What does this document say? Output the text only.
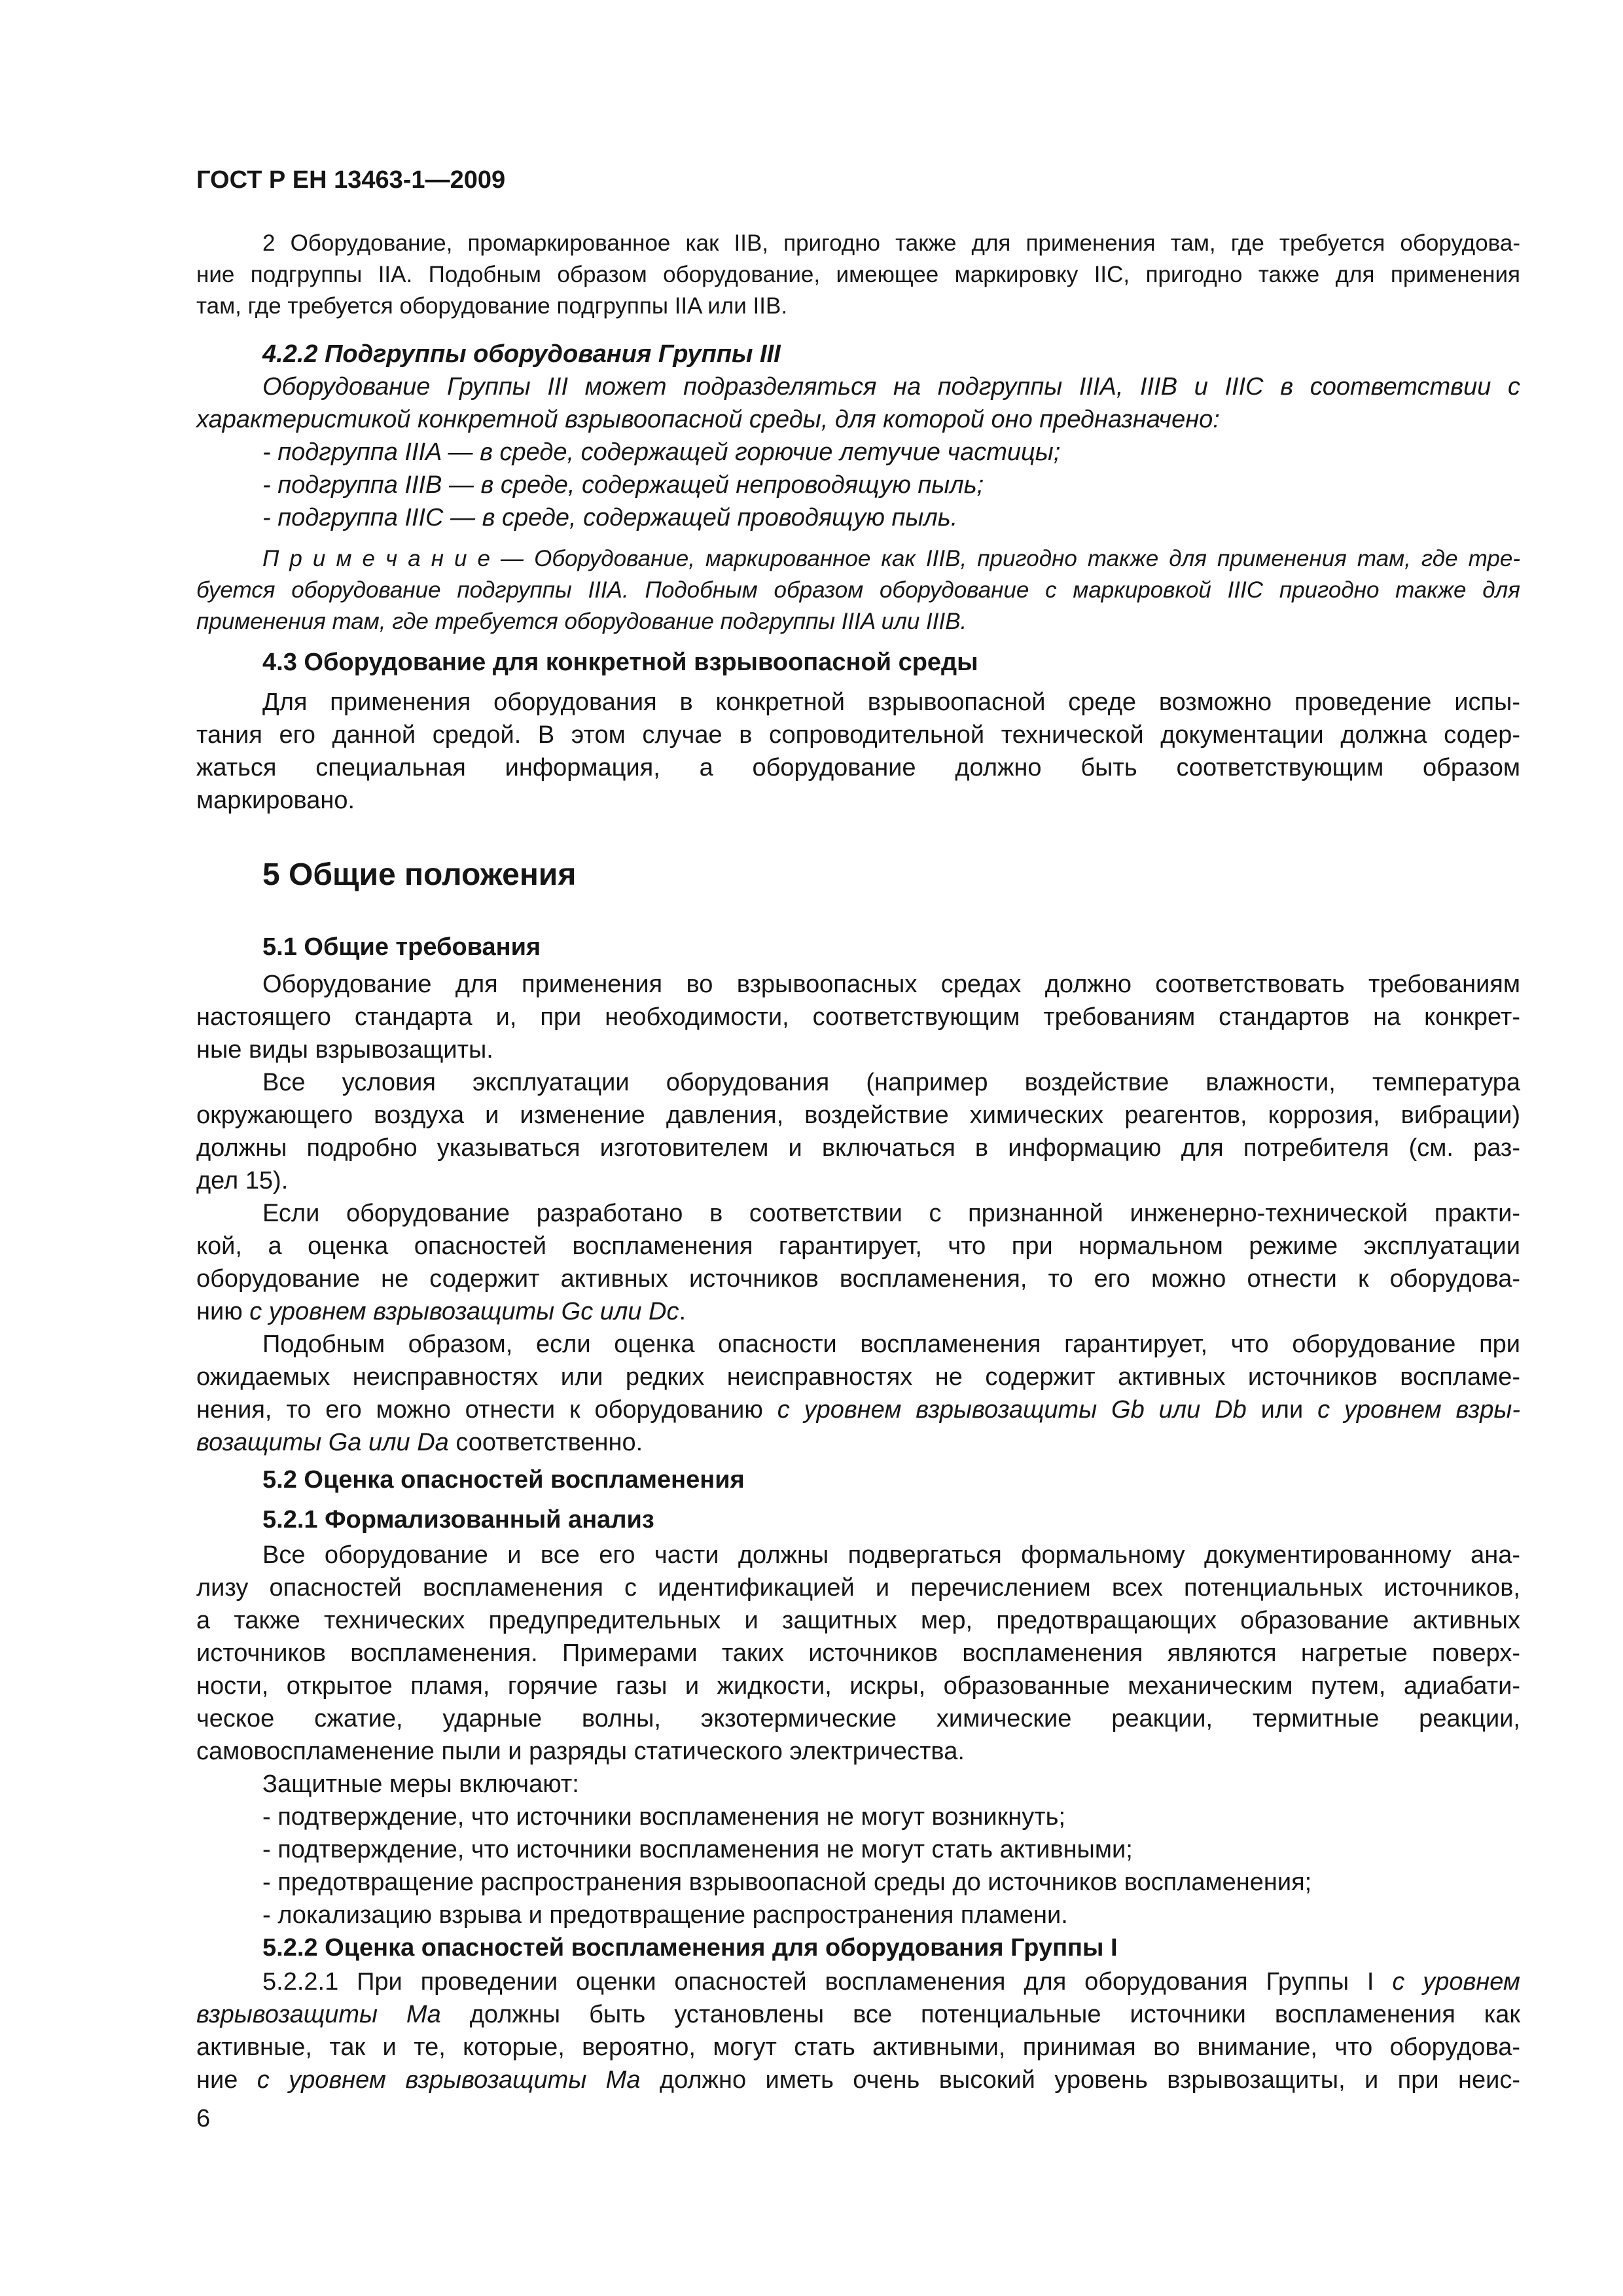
ГОСТ Р ЕН 13463-1—2009
2 Оборудование, промаркированное как IIB, пригодно также для применения там, где требуется оборудова-
ние подгруппы IIA. Подобным образом оборудование, имеющее маркировку IIC, пригодно также для применения
там, где требуется оборудование подгруппы IIA или IIB.
4.2.2 Подгруппы оборудования Группы III
Оборудование Группы III может подразделяться на подгруппы IIIA, IIIB и IIIC в соответствии с
характеристикой конкретной взрывоопасной среды, для которой оно предназначено:
- подгруппа IIIA — в среде, содержащей горючие летучие частицы;
- подгруппа IIIB — в среде, содержащей непроводящую пыль;
- подгруппа IIIC — в среде, содержащей проводящую пыль.
П р и м е ч а н и е — Оборудование, маркированное как IIIB, пригодно также для применения там, где тре-
буется оборудование подгруппы IIIA. Подобным образом оборудование с маркировкой IIIC пригодно также для
применения там, где требуется оборудование подгруппы IIIA или IIIB.
4.3 Оборудование для конкретной взрывоопасной среды
Для применения оборудования в конкретной взрывоопасной среде возможно проведение испы-
тания его данной средой. В этом случае в сопроводительной технической документации должна содер-
жаться специальная информация, а оборудование должно быть соответствующим образом
маркировано.
5 Общие положения
5.1 Общие требования
Оборудование для применения во взрывоопасных средах должно соответствовать требованиям
настоящего стандарта и, при необходимости, соответствующим требованиям стандартов на конкрет-
ные виды взрывозащиты.
Все условия эксплуатации оборудования (например воздействие влажности, температура
окружающего воздуха и изменение давления, воздействие химических реагентов, коррозия, вибрации)
должны подробно указываться изготовителем и включаться в информацию для потребителя (см. раз-
дел 15).
Если оборудование разработано в соответствии с признанной инженерно-технической практи-
кой, а оценка опасностей воспламенения гарантирует, что при нормальном режиме эксплуатации
оборудование не содержит активных источников воспламенения, то его можно отнести к оборудова-
нию с уровнем взрывозащиты Gc или Dc.
Подобным образом, если оценка опасности воспламенения гарантирует, что оборудование при
ожидаемых неисправностях или редких неисправностях не содержит активных источников воспламе-
нения, то его можно отнести к оборудованию с уровнем взрывозащиты Gb или Db или с уровнем взры-
возащиты Ga или Da соответственно.
5.2 Оценка опасностей воспламенения
5.2.1 Формализованный анализ
Все оборудование и все его части должны подвергаться формальному документированному ана-
лизу опасностей воспламенения с идентификацией и перечислением всех потенциальных источников,
а также технических предупредительных и защитных мер, предотвращающих образование активных
источников воспламенения. Примерами таких источников воспламенения являются нагретые поверх-
ности, открытое пламя, горячие газы и жидкости, искры, образованные механическим путем, адиабати-
ческое сжатие, ударные волны, экзотермические химические реакции, термитные реакции,
самовоспламенение пыли и разряды статического электричества.
Защитные меры включают:
- подтверждение, что источники воспламенения не могут возникнуть;
- подтверждение, что источники воспламенения не могут стать активными;
- предотвращение распространения взрывоопасной среды до источников воспламенения;
- локализацию взрыва и предотвращение распространения пламени.
5.2.2 Оценка опасностей воспламенения для оборудования Группы I
5.2.2.1 При проведении оценки опасностей воспламенения для оборудования Группы I с уровнем
взрывозащиты Ma должны быть установлены все потенциальные источники воспламенения как
активные, так и те, которые, вероятно, могут стать активными, принимая во внимание, что оборудова-
ние с уровнем взрывозащиты Ma должно иметь очень высокий уровень взрывозащиты, и при неис-
6
